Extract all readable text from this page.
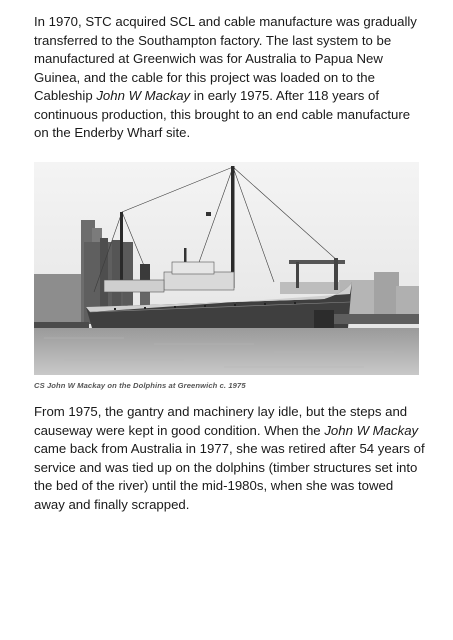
In 1970, STC acquired SCL and cable manufacture was gradually transferred to the Southampton factory. The last system to be manufactured at Greenwich was for Australia to Papua New Guinea, and the cable for this project was loaded on to the Cableship John W Mackay in early 1975. After 118 years of continuous production, this brought to an end cable manufacture on the Enderby Wharf site.

CS John W Mackay on the Dolphins at Greenwich c. 1975

From 1975, the gantry and machinery lay idle, but the steps and causeway were kept in good condition. When the John W Mackay came back from Australia in 1977, she was retired after 54 years of service and was tied up on the dolphins (timber structures set into the bed of the river) until the mid-1980s, when she was towed away and finally scrapped.
